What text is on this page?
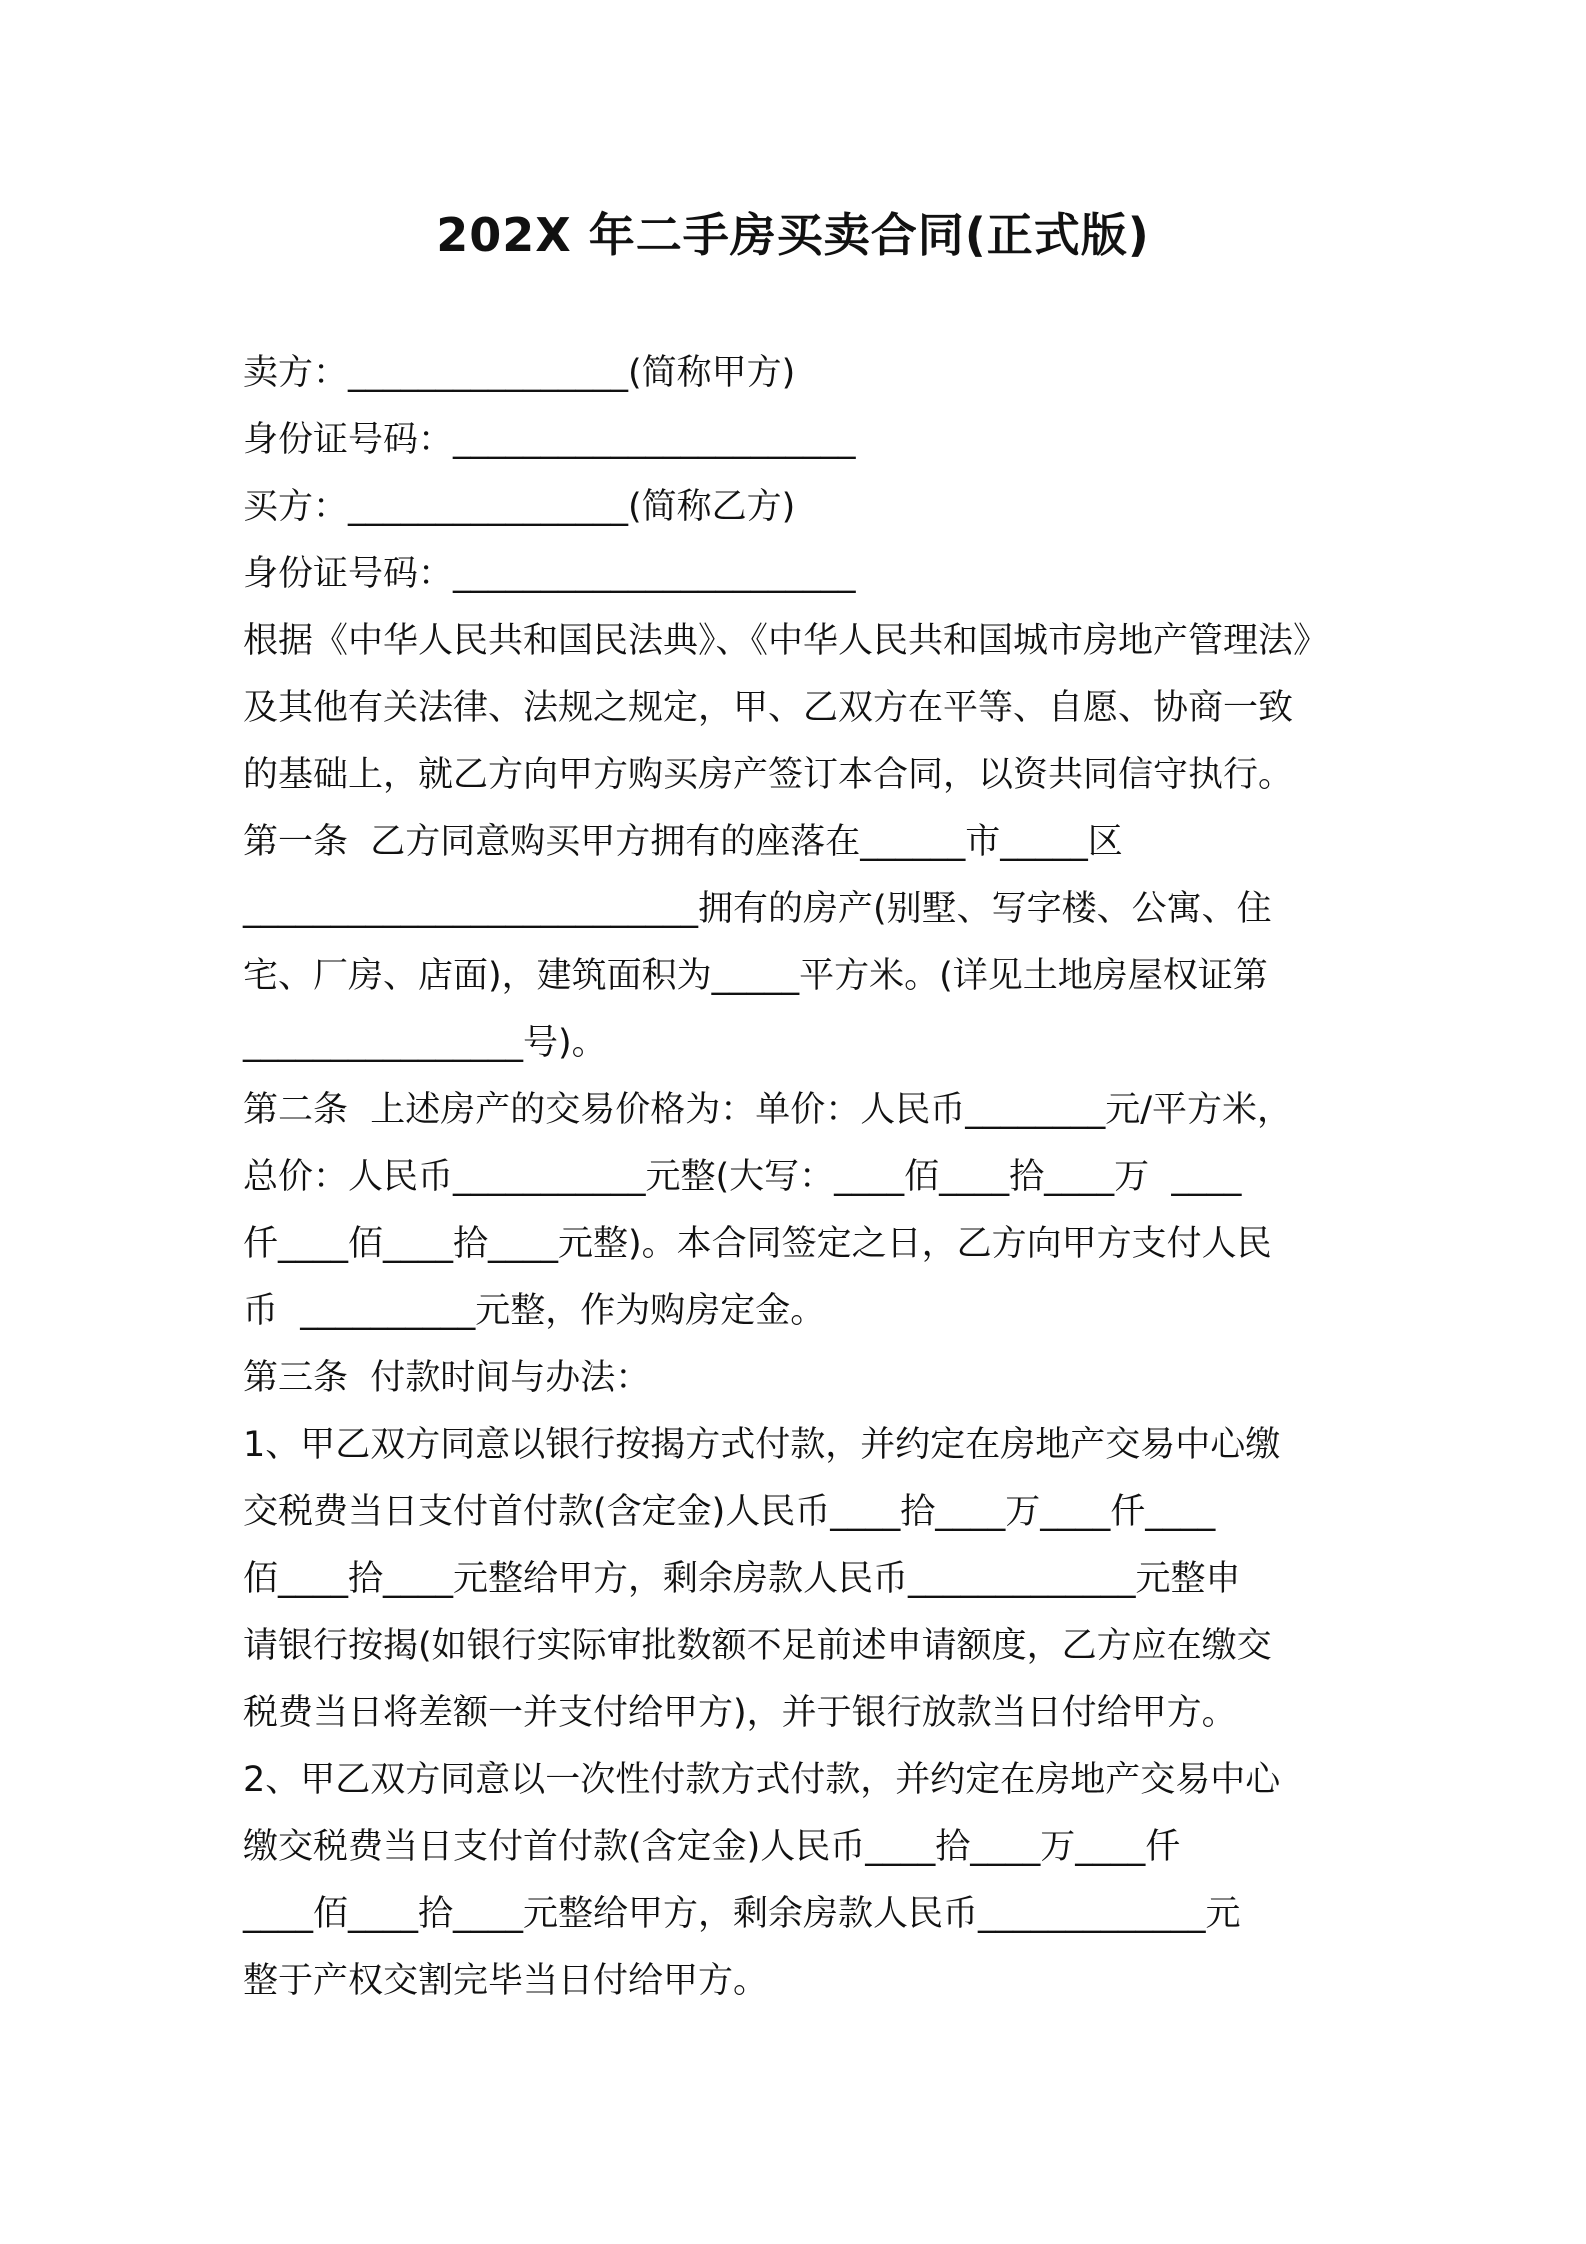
202X 年二手房买卖合同(正式版)
卖方：________________(简称甲方)
身份证号码：_______________________
买方：________________(简称乙方)
身份证号码：_______________________
根据《中华人民共和国民法典》、《中华人民共和国城市房地产管理法》
及其他有关法律、法规之规定，甲、乙双方在平等、自愿、协商一致
的基础上，就乙方向甲方购买房产签订本合同，以资共同信守执行。
第一条  乙方同意购买甲方拥有的座落在______市_____区
__________________________拥有的房产(别墅、写字楼、公寓、住
宅、厂房、店面)，建筑面积为_____平方米。(详见土地房屋权证第
________________号)。
第二条  上述房产的交易价格为：单价：人民币________元/平方米，
总价：人民币___________元整(大写：____佰____拾____万  ____
仟____佰____拾____元整)。本合同签定之日，乙方向甲方支付人民
币  __________元整，作为购房定金。
第三条  付款时间与办法：
1、甲乙双方同意以银行按揭方式付款，并约定在房地产交易中心缴
交税费当日支付首付款(含定金)人民币____拾____万____仟____
佰____拾____元整给甲方，剩余房款人民币_____________元整申
请银行按揭(如银行实际审批数额不足前述申请额度，乙方应在缴交
税费当日将差额一并支付给甲方)，并于银行放款当日付给甲方。
2、甲乙双方同意以一次性付款方式付款，并约定在房地产交易中心
缴交税费当日支付首付款(含定金)人民币____拾____万____仟
____佰____拾____元整给甲方，剩余房款人民币_____________元
整于产权交割完毕当日付给甲方。
